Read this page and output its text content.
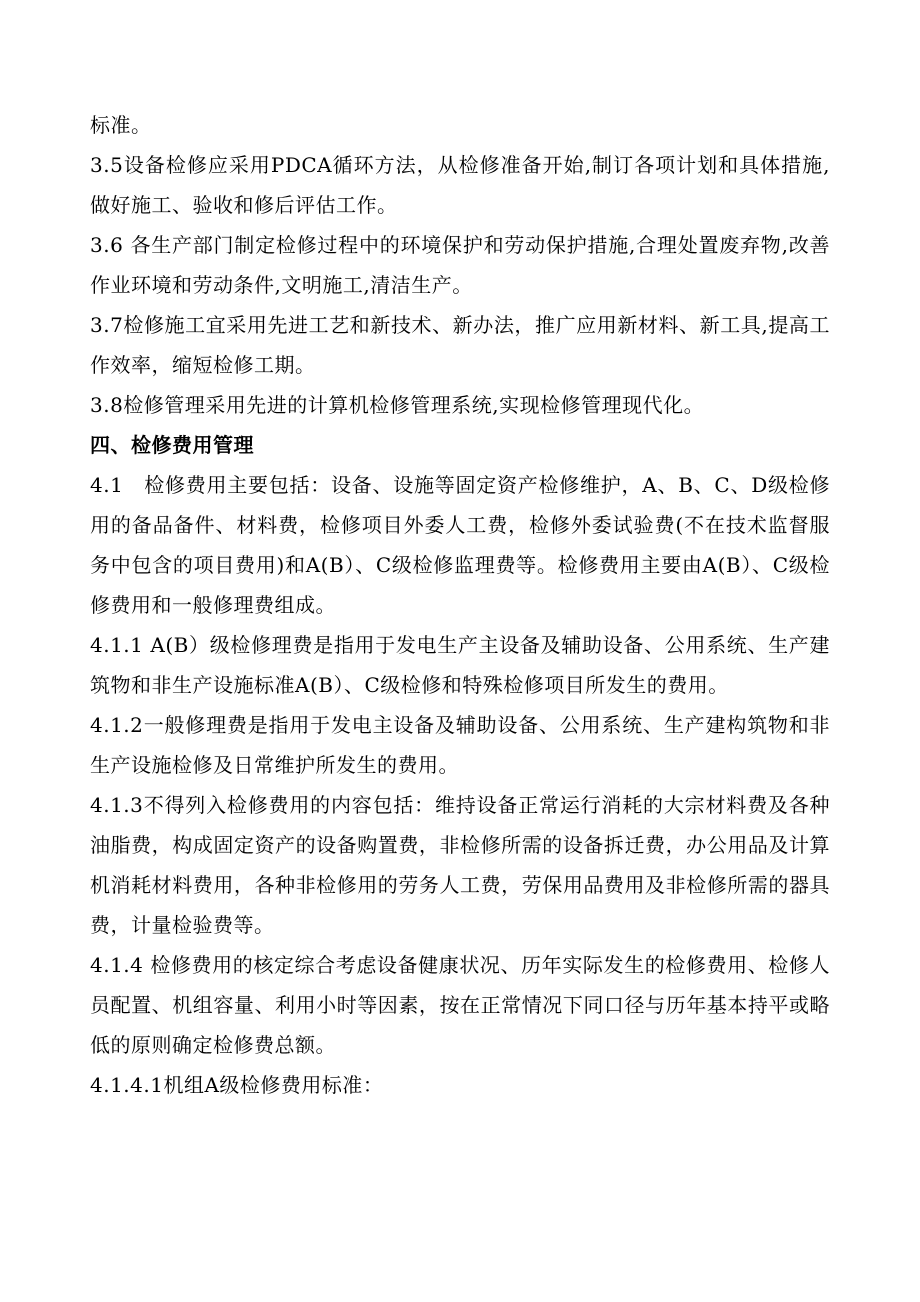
标准。

3.5设备检修应采用PDCA循环方法，从检修准备开始,制订各项计划和具体措施,做好施工、验收和修后评估工作。

3.6 各生产部门制定检修过程中的环境保护和劳动保护措施,合理处置废弃物,改善作业环境和劳动条件,文明施工,清洁生产。

3.7检修施工宜采用先进工艺和新技术、新办法，推广应用新材料、新工具,提高工作效率，缩短检修工期。

3.8检修管理采用先进的计算机检修管理系统,实现检修管理现代化。

四、检修费用管理

4.1　检修费用主要包括：设备、设施等固定资产检修维护，A、B、C、D级检修用的备品备件、材料费，检修项目外委人工费，检修外委试验费(不在技术监督服务中包含的项目费用)和A(B）、C级检修监理费等。检修费用主要由A(B）、C级检修费用和一般修理费组成。

4.1.1 A(B）级检修理费是指用于发电生产主设备及辅助设备、公用系统、生产建筑物和非生产设施标准A(B）、C级检修和特殊检修项目所发生的费用。

4.1.2一般修理费是指用于发电主设备及辅助设备、公用系统、生产建构筑物和非生产设施检修及日常维护所发生的费用。

4.1.3不得列入检修费用的内容包括：维持设备正常运行消耗的大宗材料费及各种油脂费，构成固定资产的设备购置费，非检修所需的设备拆迁费，办公用品及计算机消耗材料费用，各种非检修用的劳务人工费，劳保用品费用及非检修所需的器具费，计量检验费等。

4.1.4 检修费用的核定综合考虑设备健康状况、历年实际发生的检修费用、检修人员配置、机组容量、利用小时等因素，按在正常情况下同口径与历年基本持平或略低的原则确定检修费总额。

4.1.4.1机组A级检修费用标准：
